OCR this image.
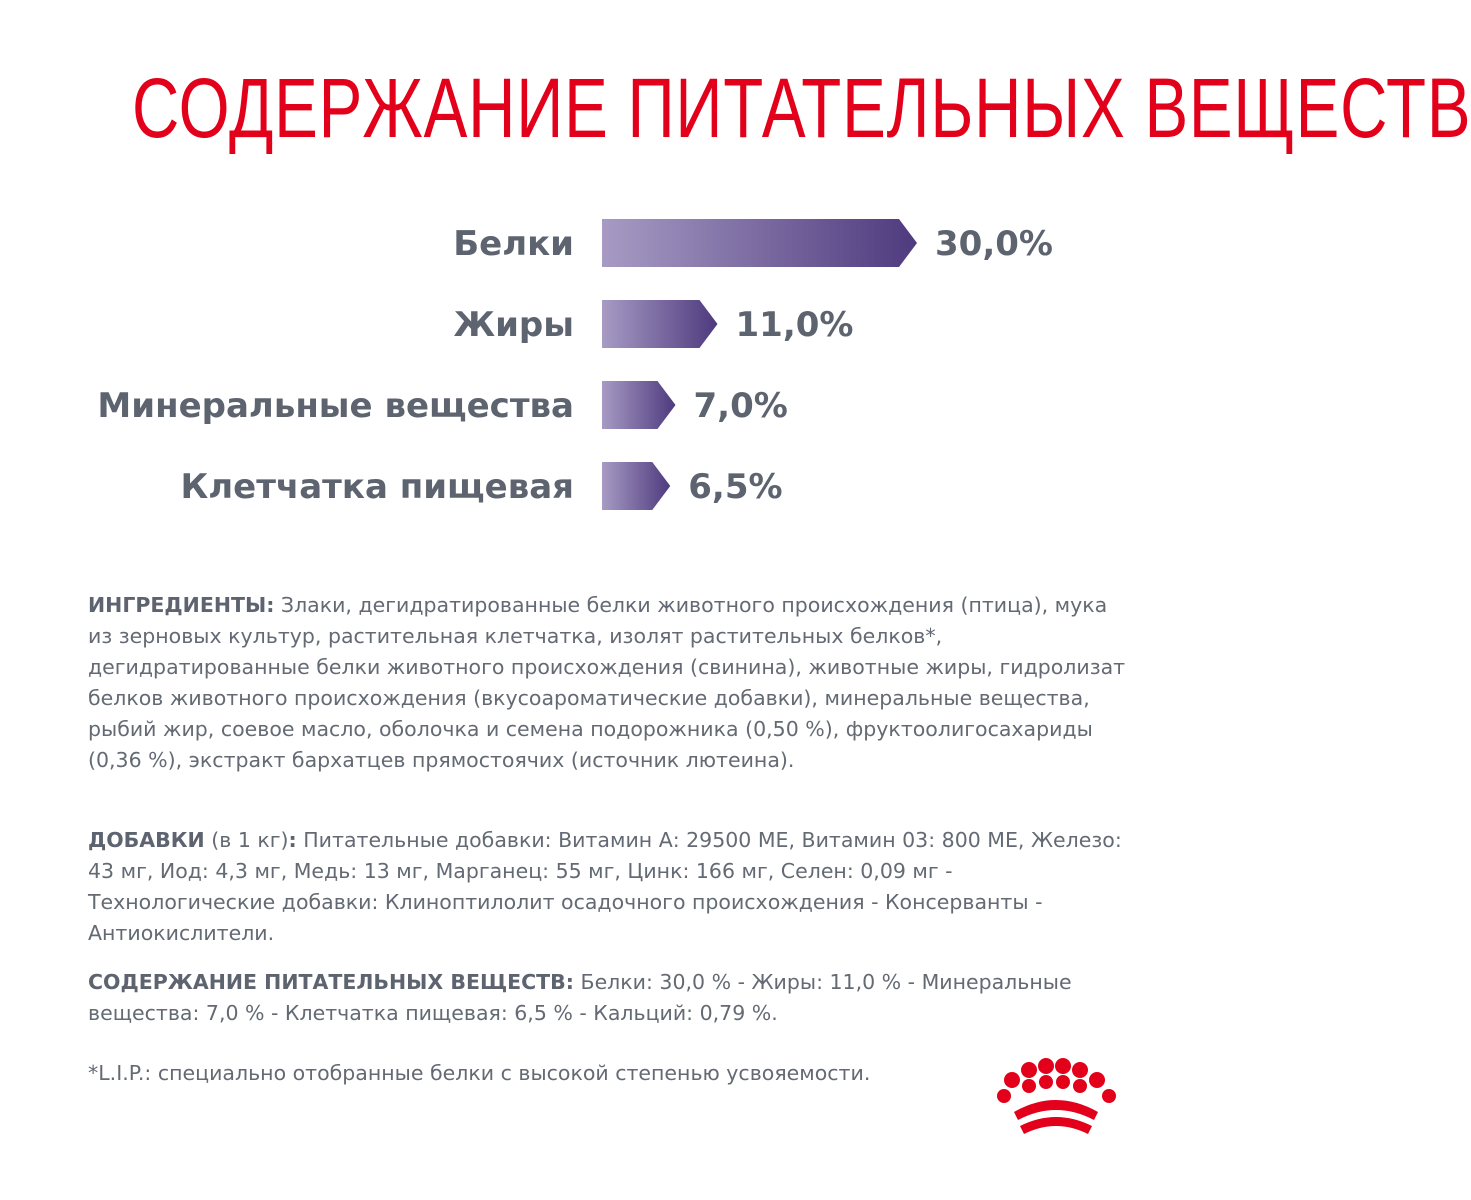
СОДЕРЖАНИЕ ПИТАТЕЛЬНЫХ ВЕЩЕСТВ
Белки	30,0%
Жиры	11,0%
Минеральные вещества	7,0%
Клетчатка пищевая	6,5%

ИНГРЕДИЕНТЫ: Злаки, дегидратированные белки животного происхождения (птица), мука из зерновых культур, растительная клетчатка, изолят растительных белков*, дегидратированные белки животного происхождения (свинина), животные жиры, гидролизат белков животного происхождения (вкусоароматические добавки), минеральные вещества, рыбий жир, соевое масло, оболочка и семена подорожника (0,50 %), фруктоолигосахариды (0,36 %), экстракт бархатцев прямостоячих (источник лютеина).

ДОБАВКИ (в 1 кг): Питательные добавки: Витамин А: 29500 МЕ, Витамин 03: 800 МЕ, Железо: 43 мг, Иод: 4,3 мг, Медь: 13 мг, Марганец: 55 мг, Цинк: 166 мг, Селен: 0,09 мг - Технологические добавки: Клиноптилолит осадочного происхождения - Консерванты - Антиокислители.

СОДЕРЖАНИЕ ПИТАТЕЛЬНЫХ ВЕЩЕСТВ: Белки: 30,0 % - Жиры: 11,0 % - Минеральные вещества: 7,0 % - Клетчатка пищевая: 6,5 % - Кальций: 0,79 %.

*L.I.P.: специально отобранные белки с высокой степенью усвояемости.
